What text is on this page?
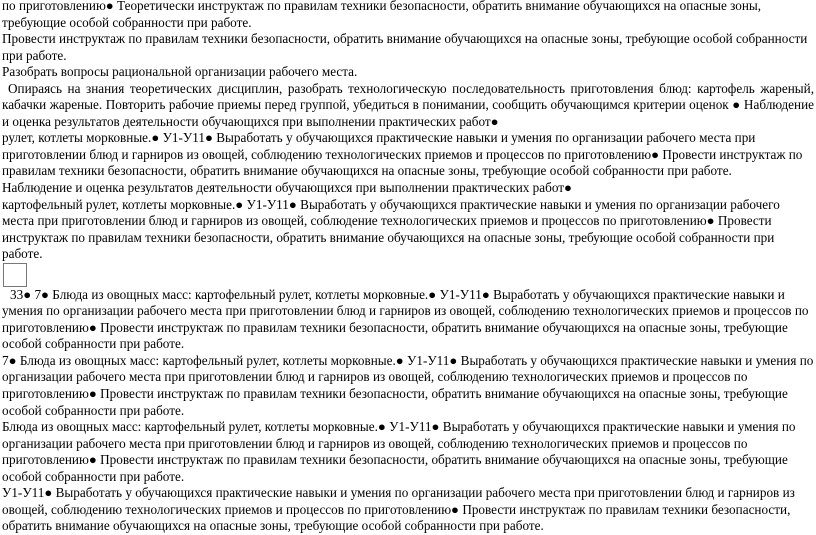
по приготовлению● Теоретически инструктаж по правилам техники безопасности, обратить внимание обучающихся на опасные зоны, требующие особой собранности при работе.

Провести инструктаж по правилам техники безопасности, обратить внимание обучающихся на опасные зоны, требующие особой собранности при работе.

Разобрать вопросы рациональной организации рабочего места.

Опираясь на знания теоретических дисциплин, разобрать технологическую последовательность приготовления блюд: картофель жареный, кабачки жареные. Повторить рабочие приемы перед группой, убедиться в понимании, сообщить обучающимся критерии оценок ● Наблюдение и оценка результатов деятельности обучающихся при выполнении практических работ●

рулет, котлеты морковные.● У1-У11● Выработать у обучающихся практические навыки и умения по организации рабочего места при приготовлении блюд и гарниров из овощей, соблюдению технологических приемов и процессов по приготовлению● Провести инструктаж по правилам техники безопасности, обратить внимание обучающихся на опасные зоны, требующие особой собранности при работе.

Наблюдение и оценка результатов деятельности обучающихся при выполнении практических работ●

картофельный рулет, котлеты морковные.● У1-У11● Выработать у обучающихся практические навыки и умения по организации рабочего места при приготовлении блюд и гарниров из овощей, соблюдение технологических приемов и процессов по приготовлению● Провести инструктаж по правилам техники безопасности, обратить внимание обучающихся на опасные зоны, требующие особой собранности при работе.

33● 7● Блюда из овощных масс: картофельный рулет, котлеты морковные.● У1-У11● Выработать у обучающихся практические навыки и умения по организации рабочего места при приготовлении блюд и гарниров из овощей, соблюдению технологических приемов и процессов по приготовлению● Провести инструктаж по правилам техники безопасности, обратить внимание обучающихся на опасные зоны, требующие особой собранности при работе.

7● Блюда из овощных масс: картофельный рулет, котлеты морковные.● У1-У11● Выработать у обучающихся практические навыки и умения по организации рабочего места при приготовлении блюд и гарниров из овощей, соблюдению технологических приемов и процессов по приготовлению● Провести инструктаж по правилам техники безопасности, обратить внимание обучающихся на опасные зоны, требующие особой собранности при работе.

Блюда из овощных масс: картофельный рулет, котлеты морковные.● У1-У11● Выработать у обучающихся практические навыки и умения по организации рабочего места при приготовлении блюд и гарниров из овощей, соблюдению технологических приемов и процессов по приготовлению● Провести инструктаж по правилам техники безопасности, обратить внимание обучающихся на опасные зоны, требующие особой собранности при работе.

У1-У11● Выработать у обучающихся практические навыки и умения по организации рабочего места при приготовлении блюд и гарниров из овощей, соблюдению технологических приемов и процессов по приготовлению● Провести инструктаж по правилам техники безопасности, обратить внимание обучающихся на опасные зоны, требующие особой собранности при работе.
